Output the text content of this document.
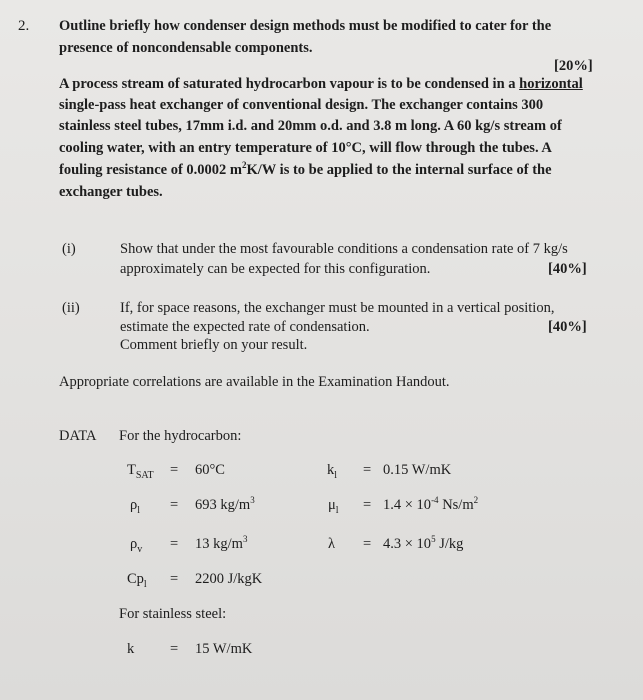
2. Outline briefly how condenser design methods must be modified to cater for the
presence of noncondensable components.
[20%]
A process stream of saturated hydrocarbon vapour is to be condensed in a horizontal
single-pass heat exchanger of conventional design. The exchanger contains 300
stainless steel tubes, 17mm i.d. and 20mm o.d. and 3.8 m long. A 60 kg/s stream of
cooling water, with an entry temperature of 10°C, will flow through the tubes. A
fouling resistance of 0.0002 $m^2K/W$ is to be applied to the internal surface of the
exchanger tubes.
(i)	Show that under the most favourable conditions a condensation rate of 7 kg/s
approximately can be expected for this configuration.	[40%]
(ii)	If, for space reasons, the exchanger must be mounted in a vertical position,
estimate the expected rate of condensation.
Comment briefly on your result.
[40%]
Appropriate correlations are available in the Examination Handout.
DATA For the hydrocarbon:
$T_{SAT} = 60^\circ C$	$k_l = 0.15$ W/mK
$\rho_l = 693$ $kg/m^3$	$\mu_l = 1.4 \times 10^{-4}$ $Ns/m^2$
$\rho_v = 13$ $kg/m^3$	$\lambda = 4.3 \times 10^5$ J/kg
$Cp_l = 2200$ J/kgK
For stainless steel:
k = 15 W/mK
